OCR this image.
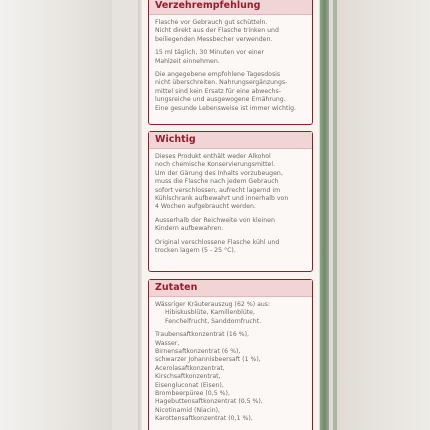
Verzehrempfehlung

Flasche vor Gebrauch gut schütteln.
Nicht direkt aus der Flasche trinken und
beiliegenden Messbecher verwenden.

15 ml täglich, 30 Minuten vor einer
Mahlzeit einnehmen.

Die angegebene empfohlene Tagesdosis
nicht überschreiten. Nahrungsergänzungs-
mittel sind kein Ersatz für eine abwechs-
lungsreiche und ausgewogene Ernährung.
Eine gesunde Lebensweise ist immer wichtig.

Wichtig

Dieses Produkt enthält weder Alkohol
noch chemische Konservierungsmittel.
Um der Gärung des Inhalts vorzubeugen,
muss die Flasche nach jedem Gebrauch
sofort verschlossen, aufrecht lagernd im
Kühlschrank aufbewahrt und innerhalb von
4 Wochen aufgebraucht werden.

Ausserhalb der Reichweite von kleinen
Kindern aufbewahren.

Original verschlossene Flasche kühl und
trocken lagern (5 - 25 °C).

Zutaten

Wässriger Kräuterauszug (62 %) aus:

Hibiskusblüte, Kamillenblüte,
Fenchelfrucht, Sanddornfrucht.
Traubensaftkonzentrat (16 %),
Wasser,
Birnensaftkonzentrat (6 %),
schwarzer Johannisbeersaft (1 %),
Acerolasaftkonzentrat,
Kirschsaftkonzentrat,
Eisengluconat (Eisen),
Brombeerpüree (0,5 %),
Hagebuttensaftkonzentrat (0,5 %),
Nicotinamid (Niacin),
Karottensaftkonzentrat (0,1 %),
